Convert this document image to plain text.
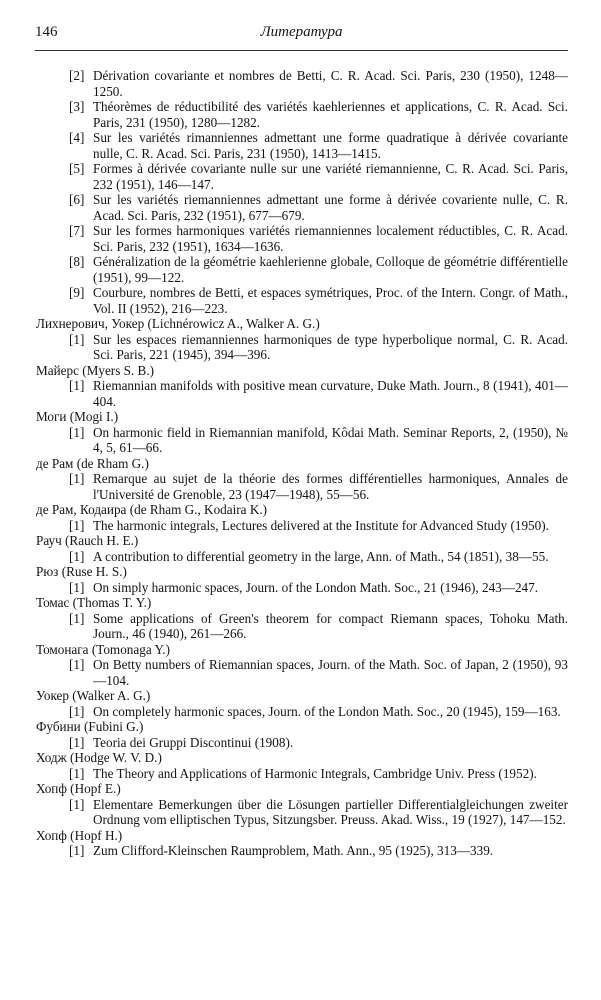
146	Литература
[2] Dérivation covariante et nombres de Betti, C. R. Acad. Sci. Paris, 230 (1950), 1248—1250.
[3] Théorèmes de réductibilité des variétés kaehleriennes et applications, C. R. Acad. Sci. Paris, 231 (1950), 1280—1282.
[4] Sur les variétés rimanniennes admettant une forme quadratique à dérivée covariante nulle, C. R. Acad. Sci. Paris, 231 (1950), 1413—1415.
[5] Formes à dérivée covariante nulle sur une variété riemannienne, C. R. Acad. Sci. Paris, 232 (1951), 146—147.
[6] Sur les variétés riemanniennes admettant une forme à dérivée covariente nulle, C. R. Acad. Sci. Paris, 232 (1951), 677—679.
[7] Sur les formes harmoniques variétés riemanniennes localement réductibles, C. R. Acad. Sci. Paris, 232 (1951), 1634—1636.
[8] Généralization de la géométrie kaehlerienne globale, Colloque de géométrie différentielle (1951), 99—122.
[9] Courbure, nombres de Betti, et espaces symétriques, Proc. of the Intern. Congr. of Math., Vol. II (1952), 216—223.
Лихнерович, Уокер (Lichnérowicz A., Walker A. G.)
[1] Sur les espaces riemanniennes harmoniques de type hyperbolique normal, C. R. Acad. Sci. Paris, 221 (1945), 394—396.
Майерс (Myers S. B.)
[1] Riemannian manifolds with positive mean curvature, Duke Math. Journ., 8 (1941), 401—404.
Моги (Mogi I.)
[1] On harmonic field in Riemannian manifold, Kôdai Math. Seminar Reports, 2, (1950), № 4, 5, 61—66.
де Рам (de Rham G.)
[1] Remarque au sujet de la théorie des formes différentielles harmoniques, Annales de l'Université de Grenoble, 23 (1947—1948), 55—56.
де Рам, Кодаира (de Rham G., Kodaira K.)
[1] The harmonic integrals, Lectures delivered at the Institute for Advanced Study (1950).
Рауч (Rauch H. E.)
[1] A contribution to differential geometry in the large, Ann. of Math., 54 (1851), 38—55.
Рюз (Ruse H. S.)
[1] On simply harmonic spaces, Journ. of the London Math. Soc., 21 (1946), 243—247.
Томас (Thomas T. Y.)
[1] Some applications of Green's theorem for compact Riemann spaces, Tohoku Math. Journ., 46 (1940), 261—266.
Томонага (Tomonaga Y.)
[1] On Betty numbers of Riemannian spaces, Journ. of the Math. Soc. of Japan, 2 (1950), 93—104.
Уокер (Walker A. G.)
[1] On completely harmonic spaces, Journ. of the London Math. Soc., 20 (1945), 159—163.
Фубини (Fubini G.)
[1] Teoria dei Gruppi Discontinui (1908).
Ходж (Hodge W. V. D.)
[1] The Theory and Applications of Harmonic Integrals, Cambridge Univ. Press (1952).
Хопф (Hopf E.)
[1] Elementare Bemerkungen über die Lösungen partieller Differentialgleichungen zweiter Ordnung vom elliptischen Typus, Sitzungsber. Preuss. Akad. Wiss., 19 (1927), 147—152.
Хопф (Hopf H.)
[1] Zum Clifford-Kleinschen Raumproblem, Math. Ann., 95 (1925), 313—339.
